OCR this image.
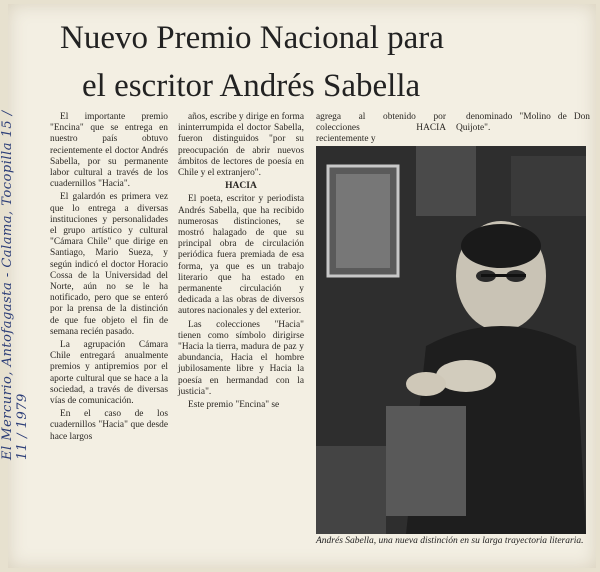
El Mercurio, Antofagasta - Calama, Tocopilla 15 / 11 / 1979
Nuevo Premio Nacional para
el escritor Andrés Sabella

El importante premio "Encina" que se entrega en nuestro país obtuvo recientemente el doctor Andrés Sabella, por su permanente labor cultural a través de los cuadernillos "Hacia".

El galardón es primera vez que lo entrega a diversas instituciones y personalidades el grupo artístico y cultural "Cámara Chile" que dirige en Santiago, Mario Sueza, y según indicó el doctor Horacio Cossa de la Universidad del Norte, aún no se le ha notificado, pero que se enteró por la prensa de la distinción de que fue objeto el fin de semana recién pasado.

La agrupación Cámara Chile entregará anualmente premios y antipremios por el aporte cultural que se hace a la sociedad, a través de diversas vías de comunicación.

En el caso de los cuadernillos "Hacia" que desde hace largos

años, escribe y dirige en forma ininterrumpida el doctor Sabella, fueron distinguidos "por su preocupación de abrir nuevos ámbitos de lectores de poesía en Chile y el extranjero".

HACIA

El poeta, escritor y periodista Andrés Sabella, que ha recibido numerosas distinciones, se mostró halagado de que su principal obra de circulación periódica fuera premiada de esa forma, ya que es un trabajo literario que ha estado en permanente circulación y dedicada a las obras de diversos autores nacionales y del exterior.

Las colecciones "Hacia" tienen como símbolo dirigirse "Hacia la tierra, madura de paz y abundancia, Hacia el hombre jubilosamente libre y Hacia la poesía en hermandad con la justicia".

Este premio "Encina" se

agrega al obtenido por colecciones HACIA recientemente y

denominado "Molino de Don Quijote".

Andrés Sabella, una nueva distinción en su larga trayectoria literaria.
